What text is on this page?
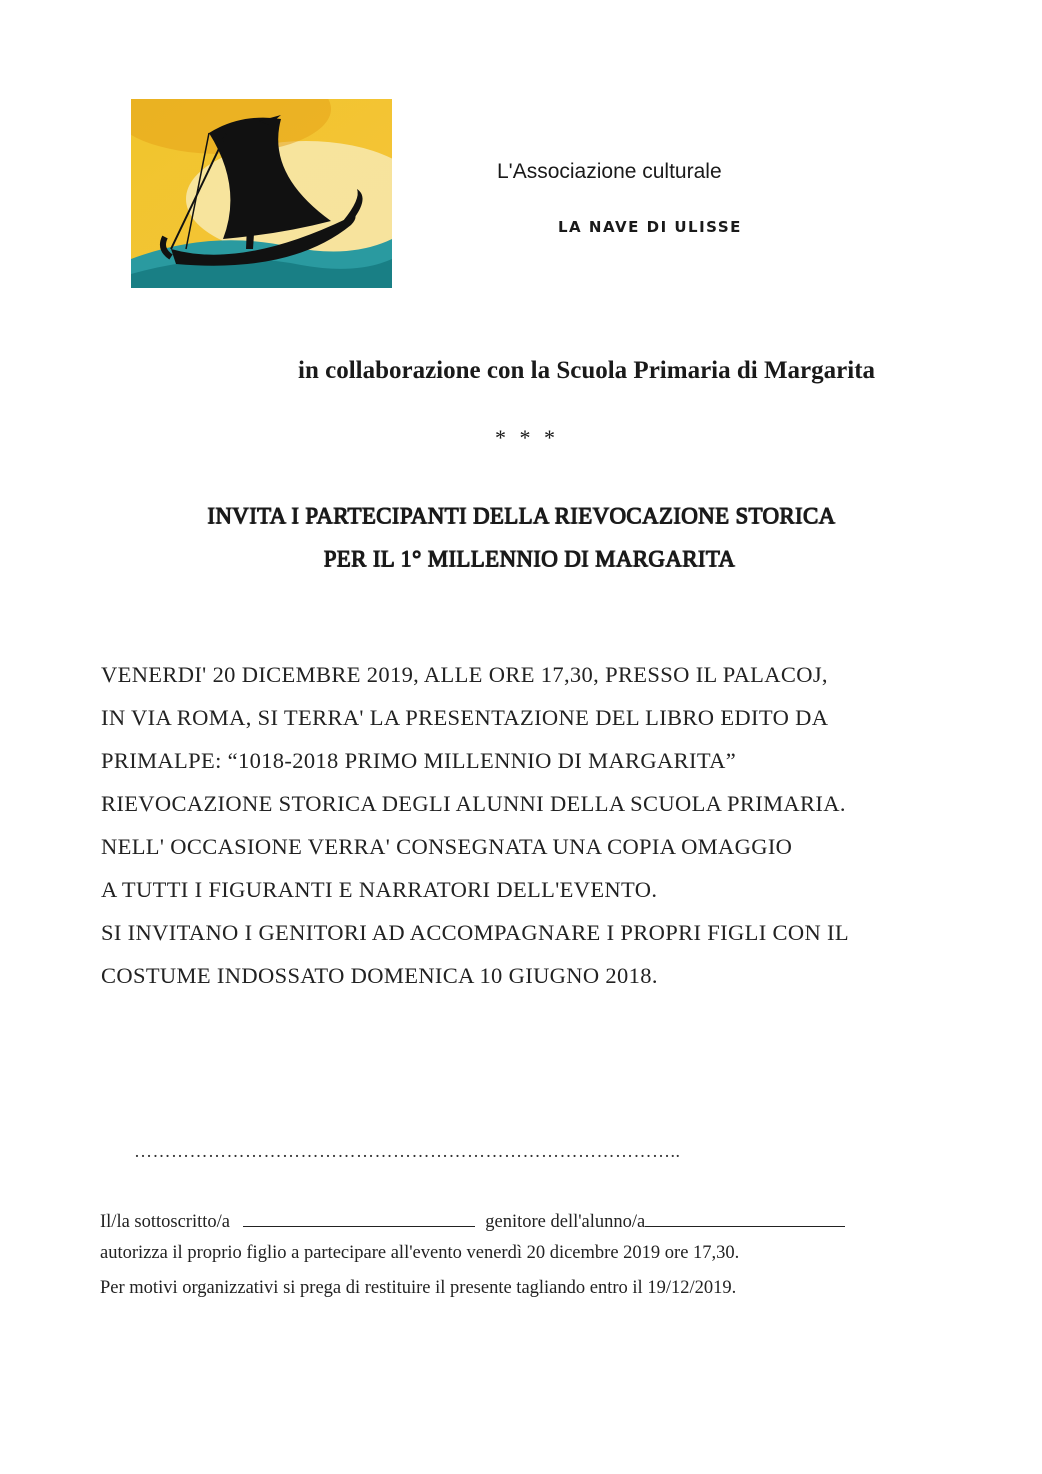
L'Associazione culturale
LA NAVE DI ULISSE
in collaborazione con la Scuola Primaria di Margarita
* * *
INVITA I PARTECIPANTI DELLA RIEVOCAZIONE STORICA
PER IL 1° MILLENNIO DI MARGARITA
VENERDI' 20 DICEMBRE 2019, ALLE ORE 17,30, PRESSO IL PALACOJ,
IN VIA ROMA, SI TERRA' LA PRESENTAZIONE DEL LIBRO EDITO DA
PRIMALPE: “1018-2018 PRIMO MILLENNIO DI MARGARITA”
RIEVOCAZIONE STORICA DEGLI ALUNNI DELLA SCUOLA PRIMARIA.
NELL' OCCASIONE VERRA' CONSEGNATA UNA COPIA OMAGGIO
A TUTTI I FIGURANTI E NARRATORI DELL'EVENTO.
SI INVITANO I GENITORI AD ACCOMPAGNARE I PROPRI FIGLI CON IL
COSTUME INDOSSATO DOMENICA 10 GIUGNO 2018.
……………………………………………………………………………..
Il/la sottoscritto/a	genitore dell'alunno/a
autorizza il proprio figlio a partecipare all'evento venerdì 20 dicembre 2019 ore 17,30.
Per motivi organizzativi si prega di restituire il presente tagliando entro il 19/12/2019.
